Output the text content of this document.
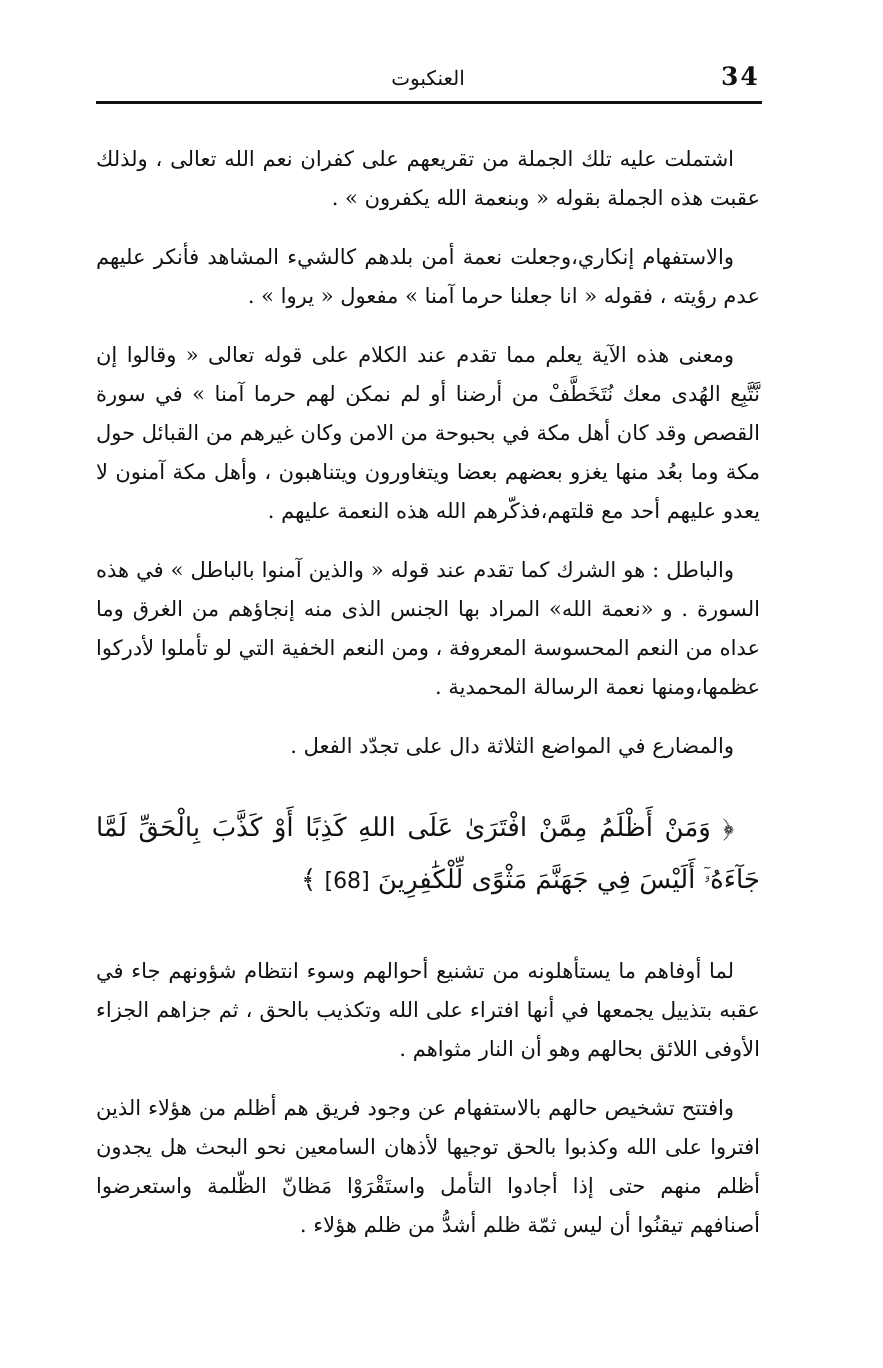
34
العنكبوت

اشتملت عليه تلك الجملة من تقريعهم على كفران نعم الله تعالى ، ولذلك عقبت هذه الجملة بقوله « وبنعمة الله يكفرون » .

والاستفهام إنكاري،وجعلت نعمة أمن بلدهم كالشيء المشاهد فأنكر عليهم عدم رؤيته ، فقوله « انا جعلنا حرما آمنا » مفعول « يروا » .

ومعنى هذه الآية يعلم مما تقدم عند الكلام على قوله تعالى « وقالوا إن نَّتَّبِع الهُدى معك نُتَخَطَّفْ من أرضنا أو لم نمكن لهم حرما آمنا » في سورة القصص وقد كان أهل مكة في بحبوحة من الامن وكان غيرهم من القبائل حول مكة وما بعُد منها يغزو بعضهم بعضا ويتغاورون ويتناهبون ، وأهل مكة آمنون لا يعدو عليهم أحد مع قلتهم،فذكّرهم الله هذه النعمة عليهم .

والباطل : هو الشرك كما تقدم عند قوله « والذين آمنوا بالباطل » في هذه السورة . و «نعمة الله» المراد بها الجنس الذى منه إنجاؤهم من الغرق وما عداه من النعم المحسوسة المعروفة ، ومن النعم الخفية التي لو تأملوا لأدركوا عظمها،ومنها نعمة الرسالة المحمدية .

والمضارع في المواضع الثلاثة دال على تجدّد الفعل .

﴿ وَمَنْ أَظْلَمُ مِمَّنْ افْتَرَىٰ عَلَى اللهِ كَذِبًا أَوْ كَذَّبَ بِالْحَقِّ لَمَّا جَآءَهُۥٓ أَلَيْسَ فِي جَهَنَّمَ مَثْوًى لِّلْكَٰفِرِينَ [68] ﴾

لما أوفاهم ما يستأهلونه من تشنيع أحوالهم وسوء انتظام شؤونهم جاء في عقبه بتذييل يجمعها في أنها افتراء على الله وتكذيب بالحق ، ثم جزاهم الجزاء الأوفى اللائق بحالهم وهو أن النار مثواهم .

وافتتح تشخيص حالهم بالاستفهام عن وجود فريق هم أظلم من هؤلاء الذين افتروا على الله وكذبوا بالحق توجيها لأذهان السامعين نحو البحث هل يجدون أظلم منهم حتى إذا أجادوا التأمل واستَقْرَوْا مَظانّ الظّلمة واستعرضوا أصنافهم تيقنُوا أن ليس ثمّة ظلم أشدُّ من ظلم هؤلاء .
